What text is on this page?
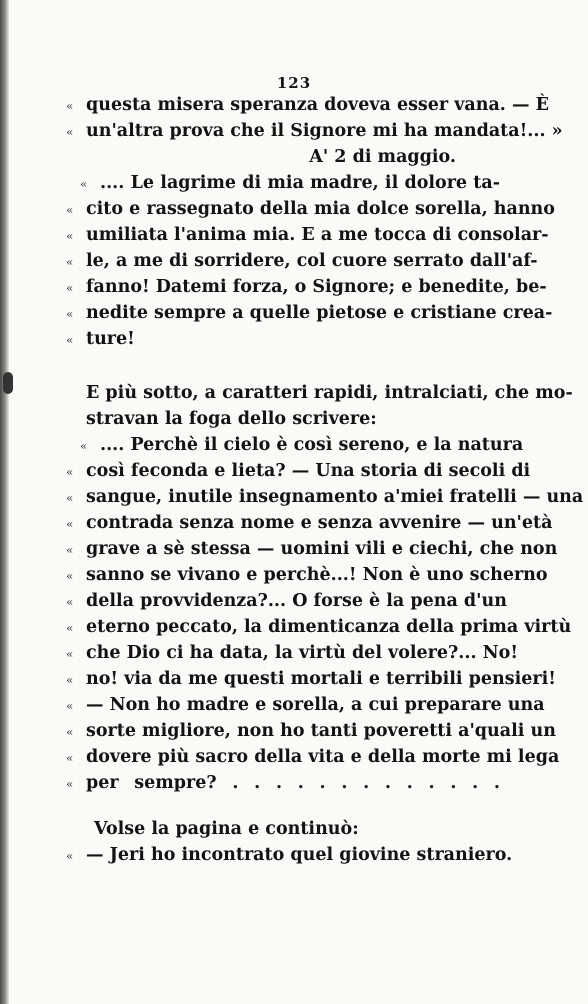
123
« questa misera speranza doveva esser vana. — È
« un'altra prova che il Signore mi ha mandata!... »
A' 2 di maggio.
« .... Le lagrime di mia madre, il dolore ta-
« cito e rassegnato della mia dolce sorella, hanno
« umiliata l'anima mia. E a me tocca di consolar-
« le, a me di sorridere, col cuore serrato dall'af-
« fanno! Datemi forza, o Signore; e benedite, be-
« nedite sempre a quelle pietose e cristiane crea-
« ture!
E più sotto, a caratteri rapidi, intralciati, che mo-
stravan la foga dello scrivere:
« .... Perchè il cielo è così sereno, e la natura
« così feconda e lieta? — Una storia di secoli di
« sangue, inutile insegnamento a'miei fratelli — una
« contrada senza nome e senza avvenire — un'età
« grave a sè stessa — uomini vili e ciechi, che non
« sanno se vivano e perchè...! Non è uno scherno
« della provvidenza?... O forse è la pena d'un
« eterno peccato, la dimenticanza della prima virtù
« che Dio ci ha data, la virtù del volere?... No!
« no! via da me questi mortali e terribili pensieri!
« — Non ho madre e sorella, a cui preparare una
« sorte migliore, non ho tanti poveretti a'quali un
« dovere più sacro della vita e della morte mi lega
« per sempre? . . . . . . . . . . . . .
Volse la pagina e continuò:
« — Jeri ho incontrato quel giovine straniero.
